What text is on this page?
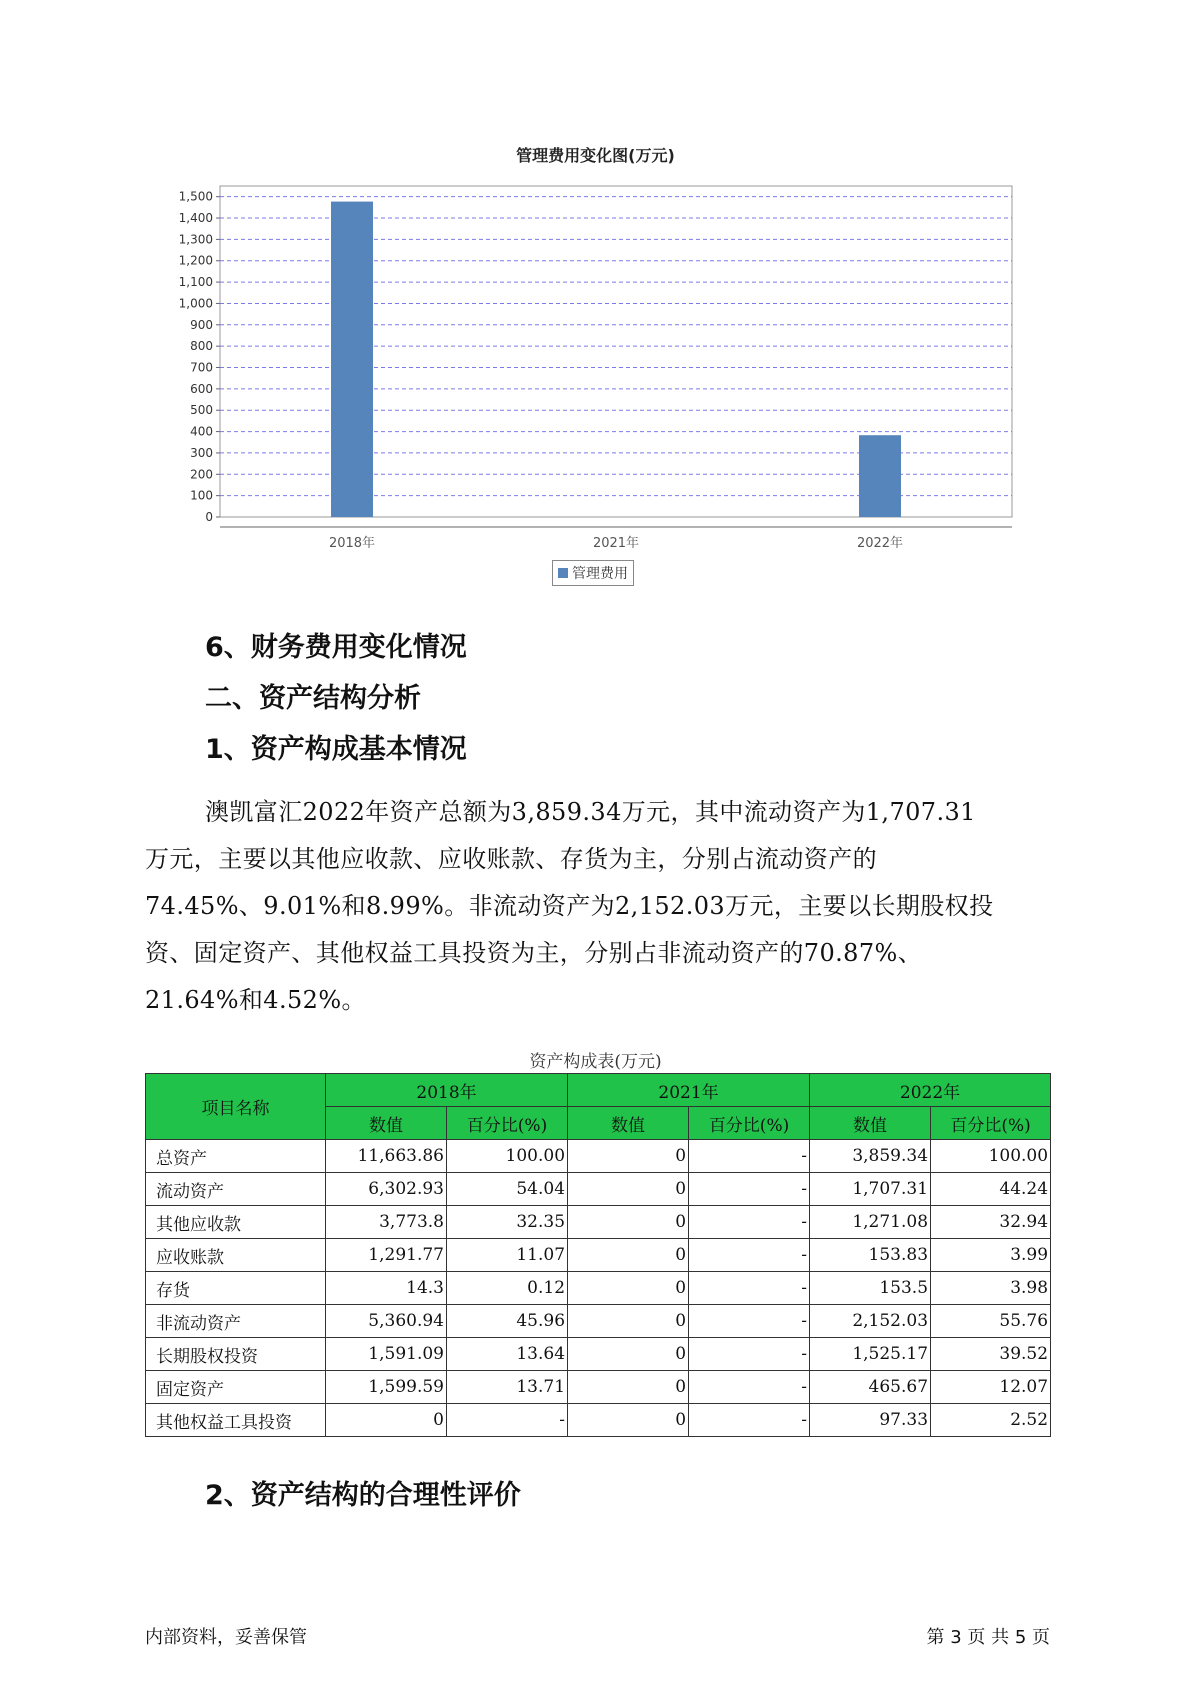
管理费用变化图(万元)
0
100
200
300
400
500
600
700
800
900
1,000
1,100
1,200
1,300
1,400
1,500
2018年	2021年	2022年
管理费用
6、财务费用变化情况
二、资产结构分析
1、资产构成基本情况
澳凯富汇2022年资产总额为3,859.34万元，其中流动资产为1,707.31
万元，主要以其他应收款、应收账款、存货为主，分别占流动资产的
74.45%、9.01%和8.99%。非流动资产为2,152.03万元，主要以长期股权投
资、固定资产、其他权益工具投资为主，分别占非流动资产的70.87%、
21.64%和4.52%。
资产构成表(万元)
项目名称	2018年		2021年		2022年	
	数值	百分比(%)	数值	百分比(%)	数值	百分比(%)
总资产	11,663.86	100.00	0	-	3,859.34	100.00
流动资产	6,302.93	54.04	0	-	1,707.31	44.24
其他应收款	3,773.8	32.35	0	-	1,271.08	32.94
应收账款	1,291.77	11.07	0	-	153.83	3.99
存货	14.3	0.12	0	-	153.5	3.98
非流动资产	5,360.94	45.96	0	-	2,152.03	55.76
长期股权投资	1,591.09	13.64	0	-	1,525.17	39.52
固定资产	1,599.59	13.71	0	-	465.67	12.07
其他权益工具投资	0	-	0	-	97.33	2.52
2、资产结构的合理性评价
内部资料，妥善保管	第 3 页 共 5 页
